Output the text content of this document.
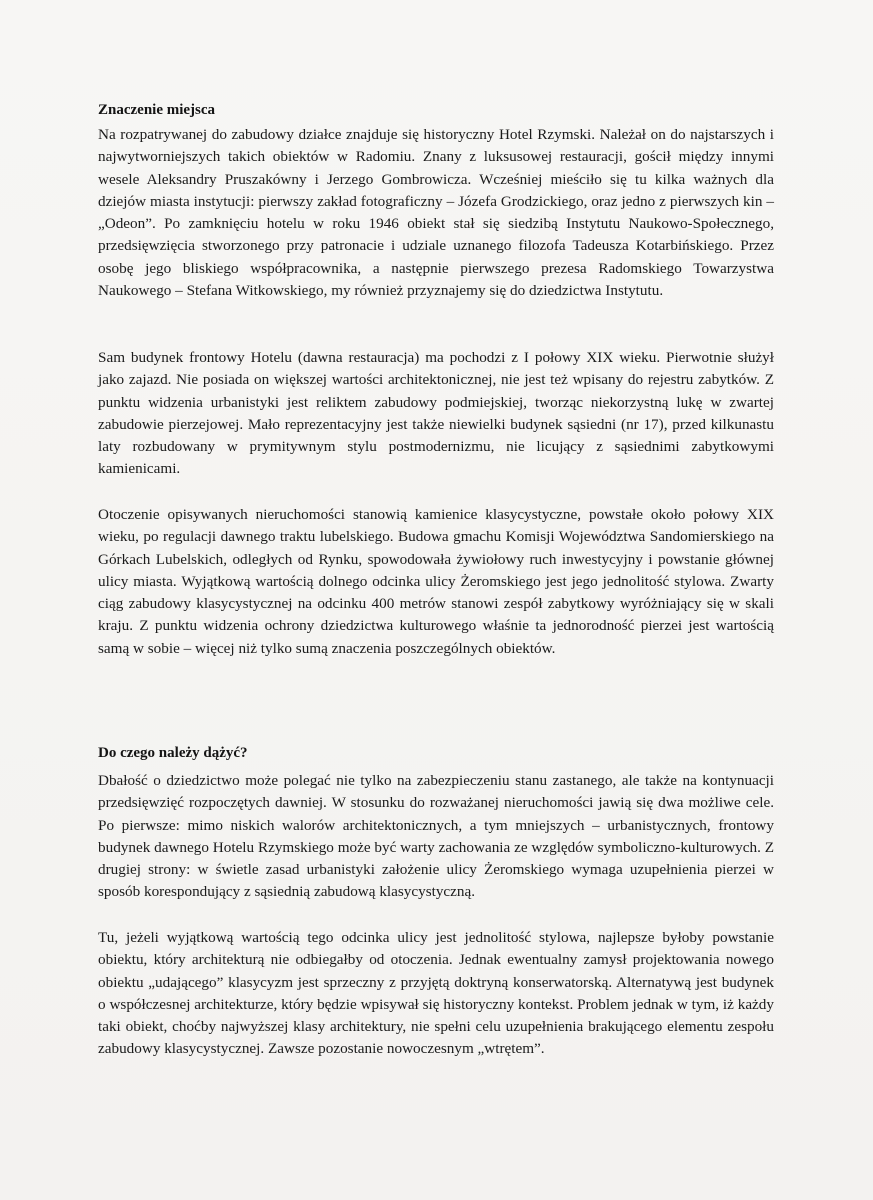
Znaczenie miejsca

Na rozpatrywanej do zabudowy działce znajduje się historyczny Hotel Rzymski. Należał on do najstarszych i najwytworniejszych takich obiektów w Radomiu. Znany z luksusowej restauracji, gościł między innymi wesele Aleksandry Pruszakówny i Jerzego Gombrowicza. Wcześniej mieściło się tu kilka ważnych dla dziejów miasta instytucji: pierwszy zakład fotograficzny – Józefa Grodzickiego, oraz jedno z pierwszych kin – „Odeon”. Po zamknięciu hotelu w roku 1946 obiekt stał się siedzibą Instytutu Naukowo-Społecznego, przedsięwzięcia stworzonego przy patronacie i udziale uznanego filozofa Tadeusza Kotarbińskiego. Przez osobę jego bliskiego współpracownika, a następnie pierwszego prezesa Radomskiego Towarzystwa Naukowego – Stefana Witkowskiego, my również przyznajemy się do dziedzictwa Instytutu.

Sam budynek frontowy Hotelu (dawna restauracja) ma pochodzi z I połowy XIX wieku. Pierwotnie służył jako zajazd. Nie posiada on większej wartości architektonicznej, nie jest też wpisany do rejestru zabytków. Z punktu widzenia urbanistyki jest reliktem zabudowy podmiejskiej, tworząc niekorzystną lukę w zwartej zabudowie pierzejowej. Mało reprezentacyjny jest także niewielki budynek sąsiedni (nr 17), przed kilkunastu laty rozbudowany w prymitywnym stylu postmodernizmu, nie licujący z sąsiednimi zabytkowymi kamienicami.

Otoczenie opisywanych nieruchomości stanowią kamienice klasycystyczne, powstałe około połowy XIX wieku, po regulacji dawnego traktu lubelskiego. Budowa gmachu Komisji Województwa Sandomierskiego na Górkach Lubelskich, odległych od Rynku, spowodowała żywiołowy ruch inwestycyjny i powstanie głównej ulicy miasta. Wyjątkową wartością dolnego odcinka ulicy Żeromskiego jest jego jednolitość stylowa. Zwarty ciąg zabudowy klasycystycznej na odcinku 400 metrów stanowi zespół zabytkowy wyróżniający się w skali kraju. Z punktu widzenia ochrony dziedzictwa kulturowego właśnie ta jednorodność pierzei jest wartością samą w sobie – więcej niż tylko sumą znaczenia poszczególnych obiektów.

Do czego należy dążyć?

Dbałość o dziedzictwo może polegać nie tylko na zabezpieczeniu stanu zastanego, ale także na kontynuacji przedsięwzięć rozpoczętych dawniej. W stosunku do rozważanej nieruchomości jawią się dwa możliwe cele. Po pierwsze: mimo niskich walorów architektonicznych, a tym mniejszych – urbanistycznych, frontowy budynek dawnego Hotelu Rzymskiego może być warty zachowania ze względów symboliczno-kulturowych. Z drugiej strony: w świetle zasad urbanistyki założenie ulicy Żeromskiego wymaga uzupełnienia pierzei w sposób korespondujący z sąsiednią zabudową klasycystyczną.

Tu, jeżeli wyjątkową wartością tego odcinka ulicy jest jednolitość stylowa, najlepsze byłoby powstanie obiektu, który architekturą nie odbiegałby od otoczenia. Jednak ewentualny zamysł projektowania nowego obiektu „udającego” klasycyzm jest sprzeczny z przyjętą doktryną konserwatorską. Alternatywą jest budynek o współczesnej architekturze, który będzie wpisywał się historyczny kontekst. Problem jednak w tym, iż każdy taki obiekt, choćby najwyższej klasy architektury, nie spełni celu uzupełnienia brakującego elementu zespołu zabudowy klasycystycznej. Zawsze pozostanie nowoczesnym „wtrętem”.
